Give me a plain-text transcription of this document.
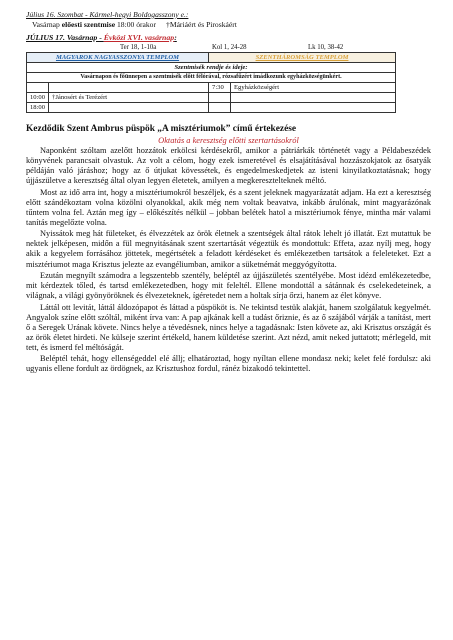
Július 16. Szombat - Kármel-hegyi Boldogasszony e.:
Vasárnap előesti szentmise 18:00 órakor †Máriáért és Piroskáért
JÚLIUS 17. Vasárnap - Évközi XVI. vasárnap:
Ter 18, 1-10a	Kol 1, 24-28	Lk 10, 38-42
MAGYAROK NAGYASSZONYA TEMPLOM		SZENTHÁROMSÁG TEMPLOM	
Szentmisék rendje és ideje:			
Vasárnapon és főünnepen a szentmisék előtt félórával, rózsafűzért imádkozunk egyházközségünkért.			
		7:30	Egyházközségért
10:00	†Jánosért és Terézért		
18:00			
Kezdődik Szent Ambrus püspök „A misztériumok” című értekezése
Oktatás a keresztség előtti szertartásokról

Naponként szóltam azelőtt hozzátok erkölcsi kérdésekről, amikor a pátriárkák történetét vagy a Példabeszédek könyvének parancsait olvastuk. Az volt a célom, hogy ezek ismeretével és elsajátításával hozzászokjatok az ősatyák példáján való járáshoz; hogy az ő útjukat kövessétek, és engedelmeskedjetek az isteni kinyilatkoztatásnak; hogy újjászületve a keresztség által olyan legyen életetek, amilyen a megkeresztelteknek méltó.

Most az idő arra int, hogy a misztériumokról beszéljek, és a szent jeleknek magyarázatát adjam. Ha ezt a keresztség előtt szándékoztam volna közölni olyanokkal, akik még nem voltak beavatva, inkább árulónak, mint magyarázónak tűntem volna fel. Aztán meg így – előkészítés nélkül – jobban belétek hatol a misztériumok fénye, mintha már valami tanítás megelőzte volna.

Nyissátok meg hát fületeket, és élvezzétek az örök életnek a szentségek által rátok lehelt jó illatát. Ezt mutattuk be nektek jelképesen, midőn a fül megnyitásának szent szertartását végeztük és mondottuk: Effeta, azaz nyílj meg, hogy akik a kegyelem forrásához jöttetek, megértsétek a feladott kérdéseket és emlékezetben tartsátok a feleleteket. Ezt a misztériumot maga Krisztus jelezte az evangéliumban, amikor a süketnémát meggyógyította.

Ezután megnyílt számodra a legszentebb szentély, beléptél az újjászületés szentélyébe. Most idézd emlékezetedbe, mit kérdeztek tőled, és tartsd emlékezetedben, hogy mit feleltél. Ellene mondottál a sátánnak és cselekedeteinek, a világnak, a világi gyönyöröknek és élvezeteknek, ígéretedet nem a holtak sírja őrzi, hanem az élet könyve.

Láttál ott levitát, láttál áldozópapot és láttad a püspököt is. Ne tekintsd testük alakját, hanem szolgálatuk kegyelmét. Angyalok színe előtt szóltál, miként írva van: A pap ajkának kell a tudást őriznie, és az ő szájából várják a tanítást, mert ő a Seregek Urának követe. Nincs helye a tévedésnek, nincs helye a tagadásnak: Isten követe az, aki Krisztus országát és az örök életet hirdeti. Ne külseje szerint értékeld, hanem küldetése szerint. Azt nézd, amit neked juttatott; mérlegeld, mit tett, és ismerd fel méltóságát.

Beléptél tehát, hogy ellenségeddel elé állj; elhatároztad, hogy nyíltan ellene mondasz neki; kelet felé fordulsz: aki ugyanis ellene fordult az ördögnek, az Krisztushoz fordul, ránéz bizakodó tekintettel.
